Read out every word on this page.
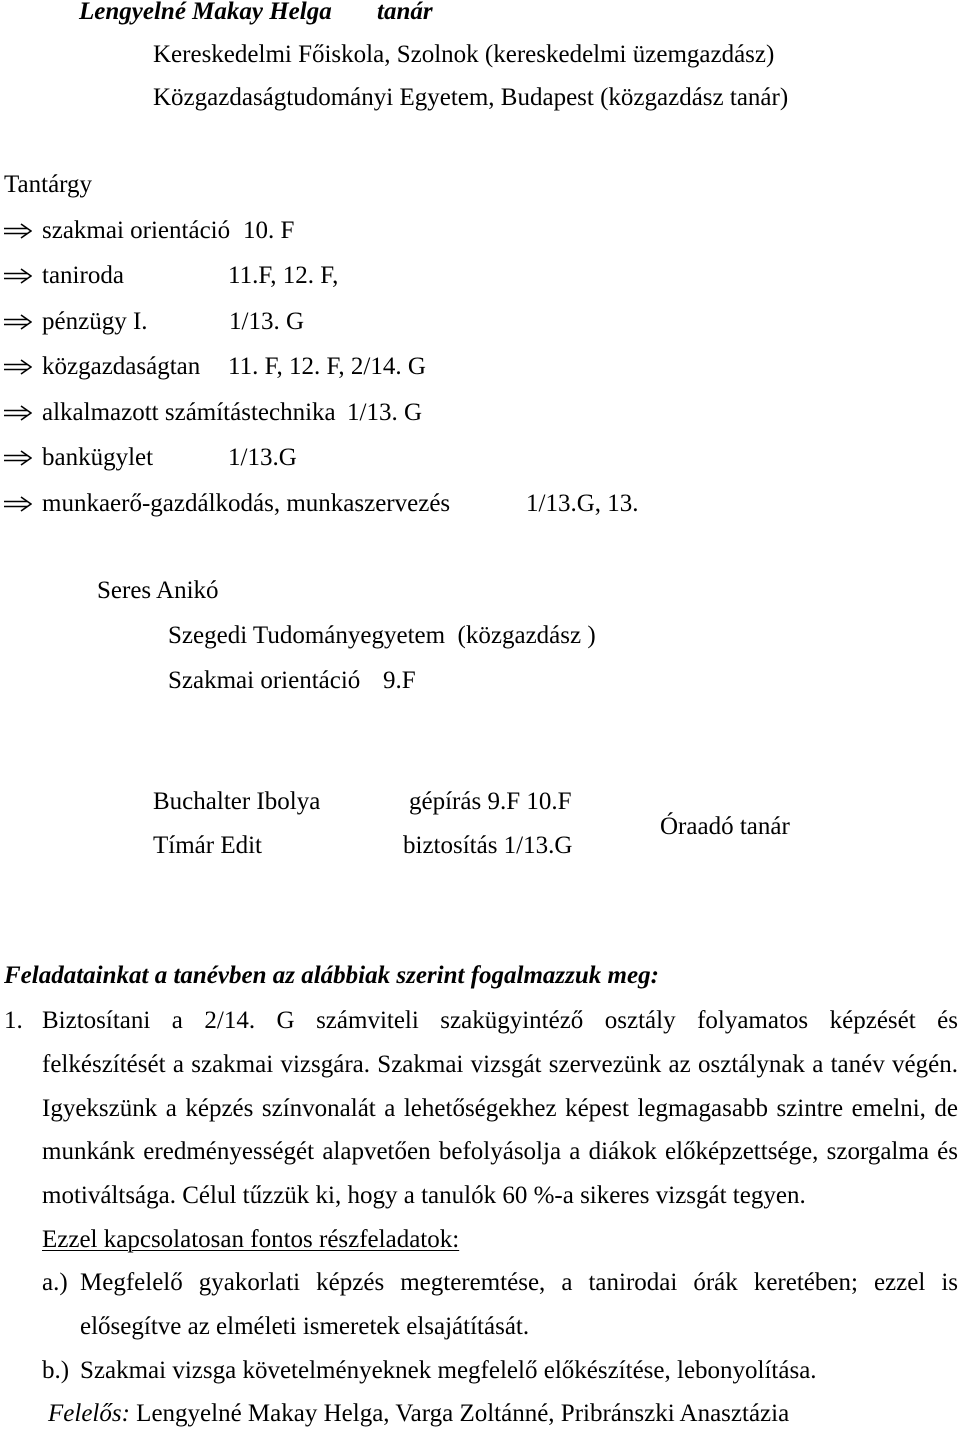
Lengyelné Makay Helga tanár
Kereskedelmi Főiskola, Szolnok (kereskedelmi üzemgazdász)
Közgazdaságtudományi Egyetem, Budapest (közgazdász tanár)
Tantárgy
szakmai orientáció 10. F
taniroda	11.F, 12. F,
pénzügy I.	1/13. G
közgazdaságtan 11. F, 12. F, 2/14. G
alkalmazott számítástechnika 1/13. G
bankügylet	1/13.G
munkaerő-gazdálkodás, munkaszervezés	1/13.G, 13.
Seres Anikó
Szegedi Tudományegyetem  (közgazdász )
Szakmai orientáció 9.F
Buchalter Ibolya	gépírás 9.F 10.F
Tímár Edit	biztosítás 1/13.G
Óraadó tanár
Feladatainkat a tanévben az alábbiak szerint fogalmazzuk meg:
1. Biztosítani a 2/14. G számviteli szakügyintéző osztály folyamatos képzését és
felkészítését a szakmai vizsgára. Szakmai vizsgát szervezünk az osztálynak a tanév végén.
Igyekszünk a képzés színvonalát a lehetőségekhez képest legmagasabb szintre emelni, de
munkánk eredményességét alapvetően befolyásolja a diákok előképzettsége, szorgalma és
motiváltsága. Célul tűzzük ki, hogy a tanulók 60 %-a sikeres vizsgát tegyen.
Ezzel kapcsolatosan fontos részfeladatok:
a.) Megfelelő gyakorlati képzés megteremtése, a tanirodai órák keretében; ezzel is
elősegítve az elméleti ismeretek elsajátítását.
b.) Szakmai vizsga követelményeknek megfelelő előkészítése, lebonyolítása.
Felelős: Lengyelné Makay Helga, Varga Zoltánné, Pribránszki Anasztázia
